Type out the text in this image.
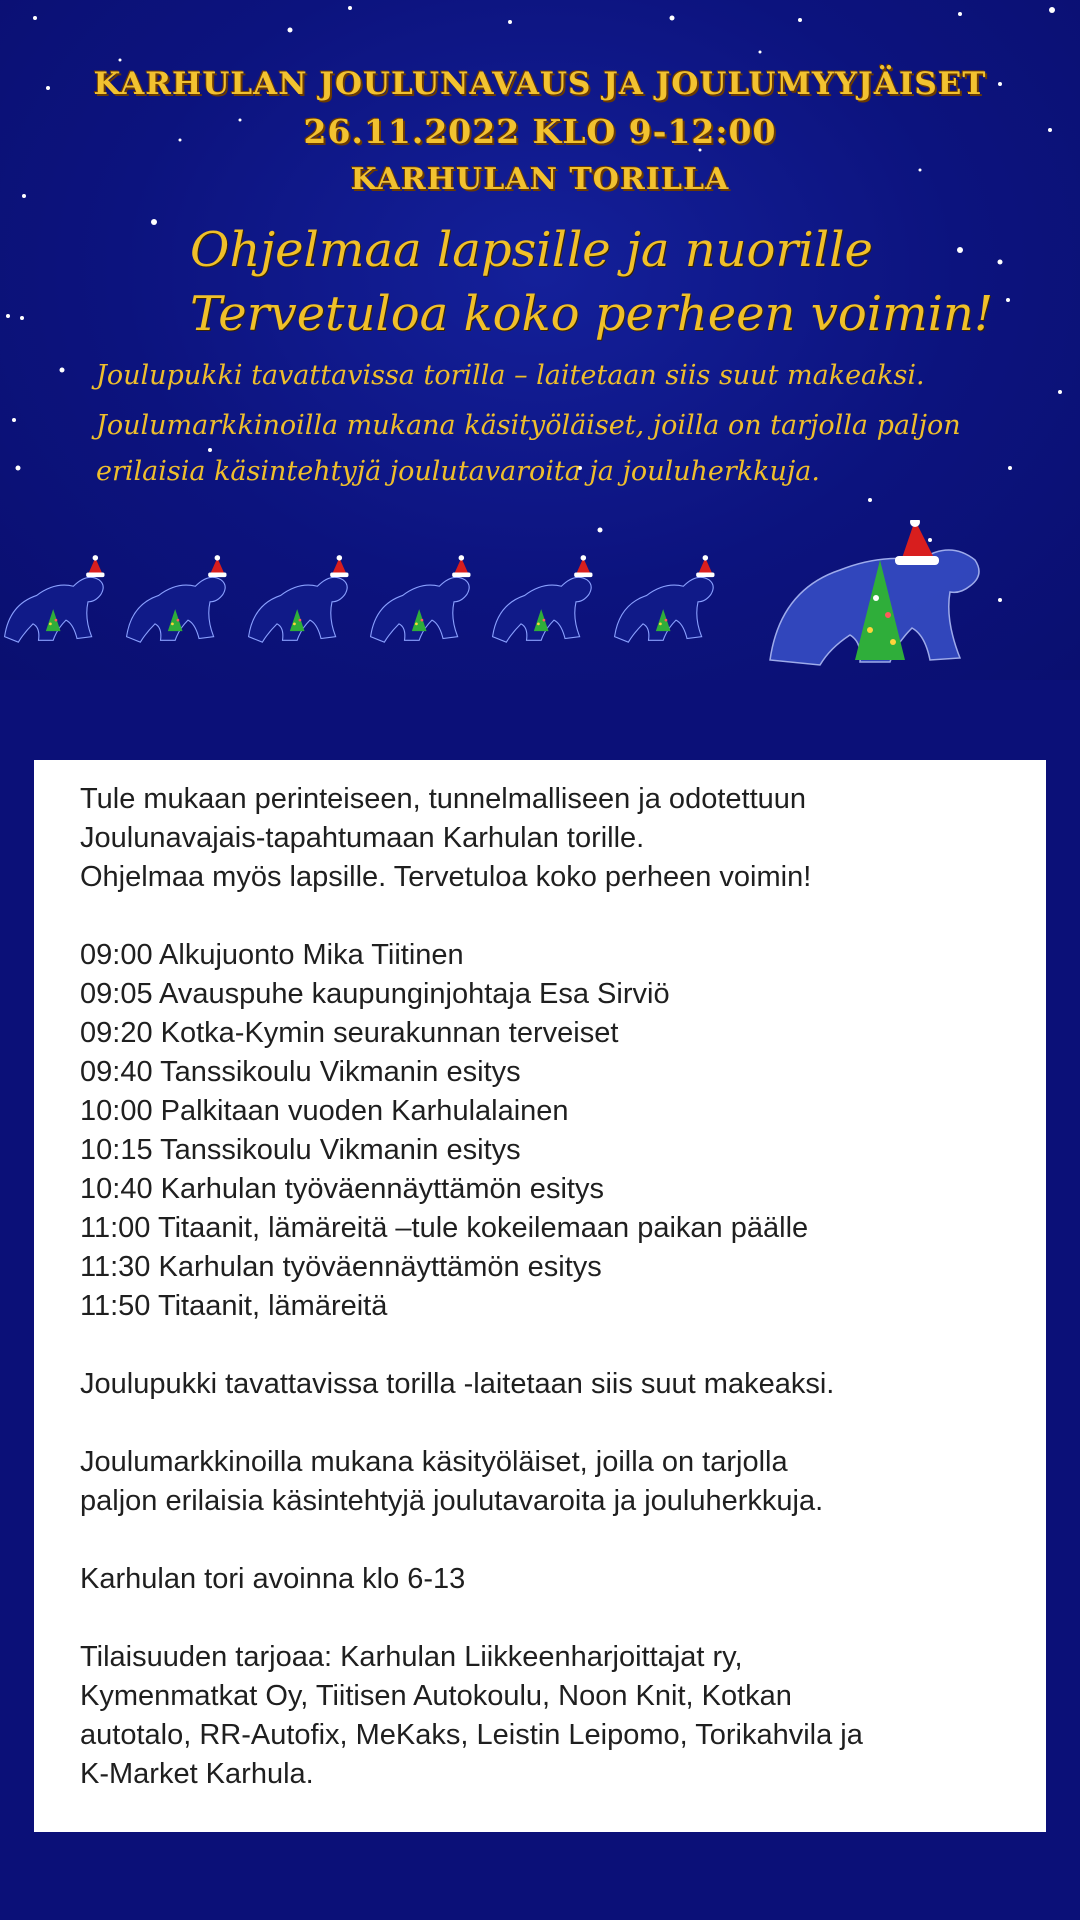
KARHULAN JOULUNAVAUS JA JOULUMYYJÄISET

26.11.2022 KLO 9-12:00

KARHULAN TORILLA

Ohjelmaa lapsille ja nuorille

Tervetuloa koko perheen voimin!

Joulupukki tavattavissa torilla – laitetaan siis suut makeaksi.

Joulumarkkinoilla mukana käsityöläiset, joilla on tarjolla paljon

erilaisia käsintehtyjä joulutavaroita ja jouluherkkuja.

Tule mukaan perinteiseen, tunnelmalliseen ja odotettuun

Joulunavajais-tapahtumaan Karhulan torille.

Ohjelmaa myös lapsille. Tervetuloa koko perheen voimin!

09:00 Alkujuonto Mika Tiitinen

09:05 Avauspuhe kaupunginjohtaja Esa Sirviö

09:20 Kotka-Kymin seurakunnan terveiset

09:40 Tanssikoulu Vikmanin esitys

10:00 Palkitaan vuoden Karhulalainen

10:15 Tanssikoulu Vikmanin esitys

10:40 Karhulan työväennäyttämön esitys

11:00 Titaanit, lämäreitä –tule kokeilemaan paikan päälle

11:30 Karhulan työväennäyttämön esitys

11:50 Titaanit, lämäreitä

Joulupukki tavattavissa torilla -laitetaan siis suut makeaksi.

Joulumarkkinoilla mukana käsityöläiset, joilla on tarjolla

paljon erilaisia käsintehtyjä joulutavaroita ja jouluherkkuja.

Karhulan tori avoinna klo 6-13

Tilaisuuden tarjoaa: Karhulan Liikkeenharjoittajat ry,

Kymenmatkat Oy, Tiitisen Autokoulu, Noon Knit, Kotkan

autotalo, RR-Autofix, MeKaks, Leistin Leipomo, Torikahvila ja

K-Market Karhula.
